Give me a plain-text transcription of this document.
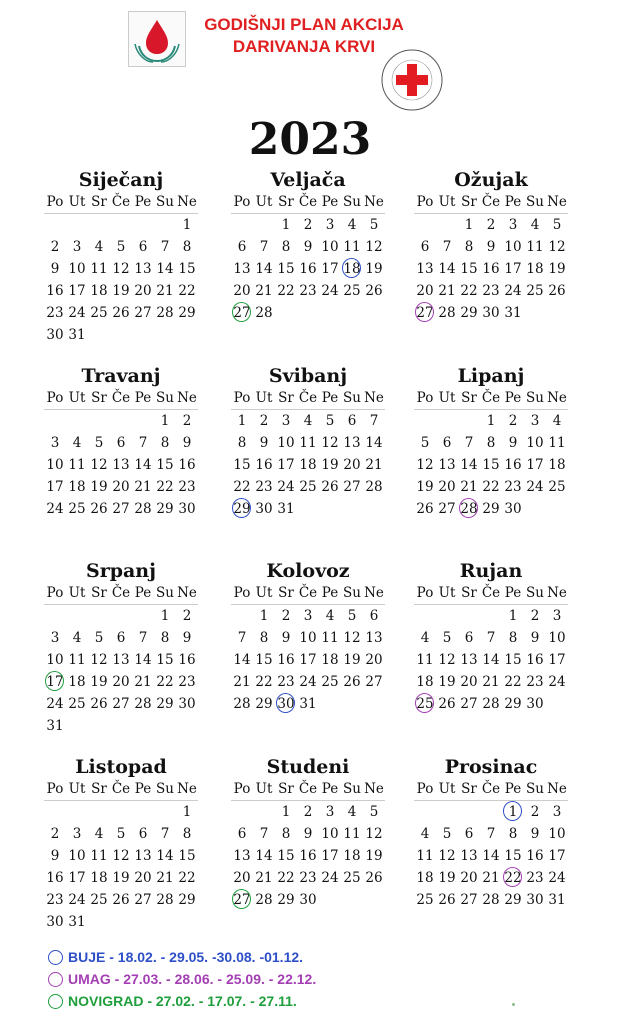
GODIŠNJI PLAN AKCIJA
DARIVANJA KRVI
2023
Siječanj
Po Ut Sr Če Pe Su Ne
1
2 3 4 5 6 7 8
9 10 11 12 13 14 15
16 17 18 19 20 21 22
23 24 25 26 27 28 29
30 31
Veljača
Po Ut Sr Če Pe Su Ne
1 2 3 4 5
6 7 8 9 10 11 12
13 14 15 16 17 18 19
20 21 22 23 24 25 26
27 28
Ožujak
Po Ut Sr Če Pe Su Ne
1 2 3 4 5
6 7 8 9 10 11 12
13 14 15 16 17 18 19
20 21 22 23 24 25 26
27 28 29 30 31
Travanj
Po Ut Sr Če Pe Su Ne
1 2
3 4 5 6 7 8 9
10 11 12 13 14 15 16
17 18 19 20 21 22 23
24 25 26 27 28 29 30
Svibanj
Po Ut Sr Če Pe Su Ne
1 2 3 4 5 6 7
8 9 10 11 12 13 14
15 16 17 18 19 20 21
22 23 24 25 26 27 28
29 30 31
Lipanj
Po Ut Sr Če Pe Su Ne
1 2 3 4
5 6 7 8 9 10 11
12 13 14 15 16 17 18
19 20 21 22 23 24 25
26 27 28 29 30
Srpanj
Po Ut Sr Če Pe Su Ne
1 2
3 4 5 6 7 8 9
10 11 12 13 14 15 16
17 18 19 20 21 22 23
24 25 26 27 28 29 30
31
Kolovoz
Po Ut Sr Če Pe Su Ne
1 2 3 4 5 6
7 8 9 10 11 12 13
14 15 16 17 18 19 20
21 22 23 24 25 26 27
28 29 30 31
Rujan
Po Ut Sr Če Pe Su Ne
1 2 3
4 5 6 7 8 9 10
11 12 13 14 15 16 17
18 19 20 21 22 23 24
25 26 27 28 29 30
Listopad
Po Ut Sr Če Pe Su Ne
1
2 3 4 5 6 7 8
9 10 11 12 13 14 15
16 17 18 19 20 21 22
23 24 25 26 27 28 29
30 31
Studeni
Po Ut Sr Če Pe Su Ne
1 2 3 4 5
6 7 8 9 10 11 12
13 14 15 16 17 18 19
20 21 22 23 24 25 26
27 28 29 30
Prosinac
Po Ut Sr Če Pe Su Ne
1 2 3
4 5 6 7 8 9 10
11 12 13 14 15 16 17
18 19 20 21 22 23 24
25 26 27 28 29 30 31
BUJE - 18.02. - 29.05. -30.08. -01.12.
UMAG - 27.03. - 28.06. - 25.09. - 22.12.
NOVIGRAD - 27.02. - 17.07. - 27.11.
